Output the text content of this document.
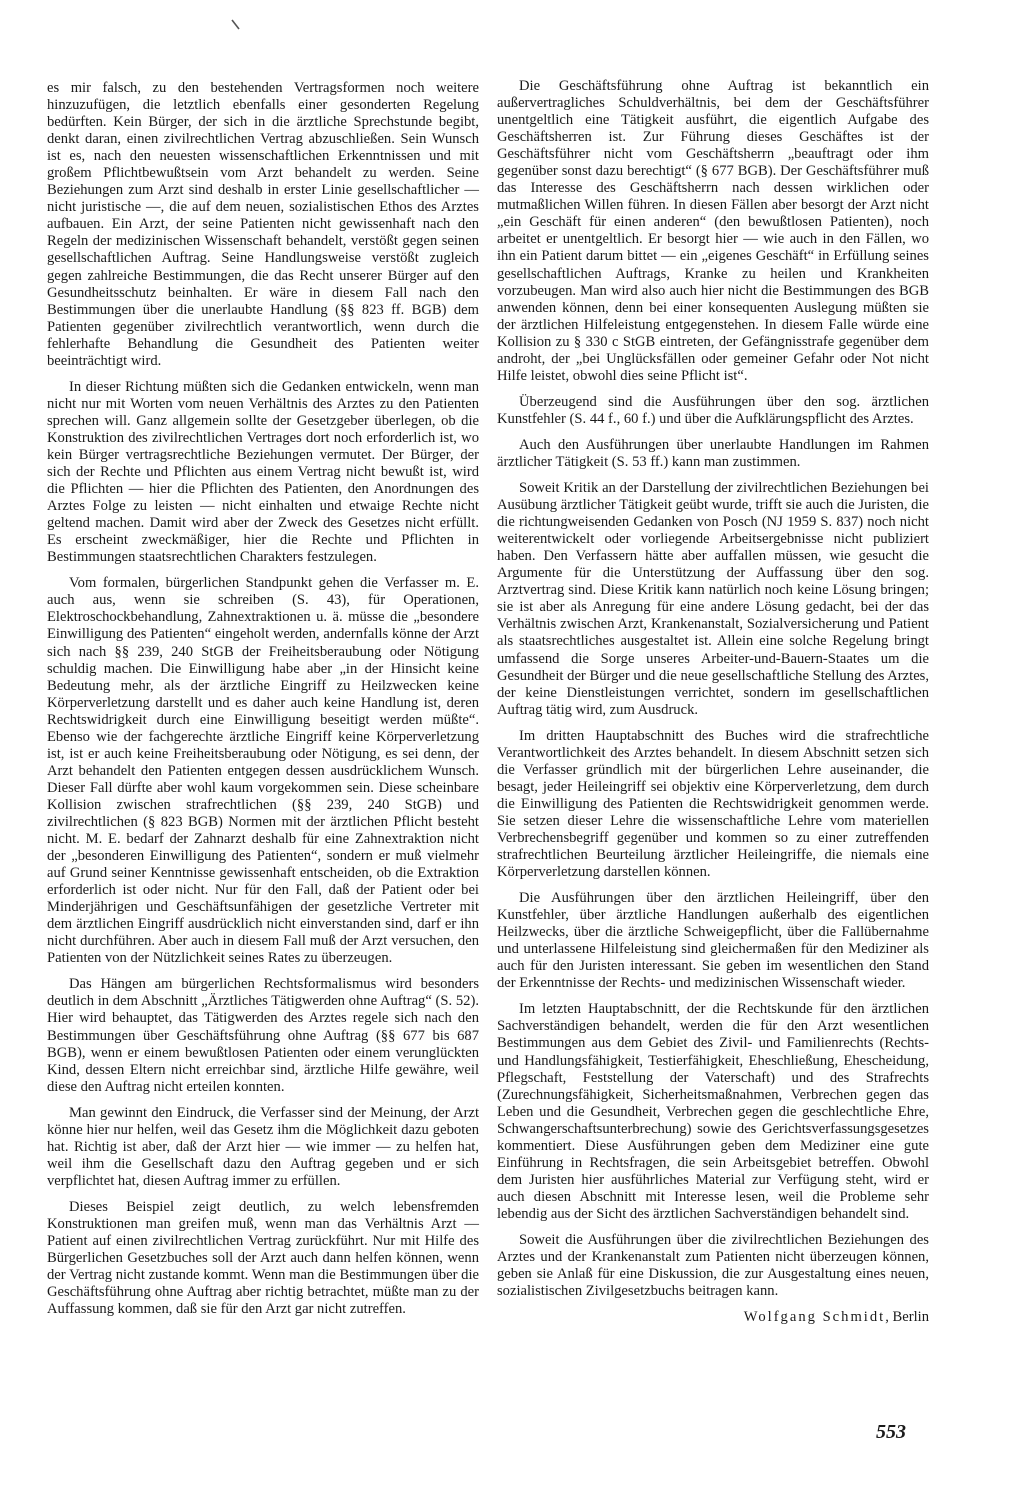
es mir falsch, zu den bestehenden Vertragsformen noch weitere hinzuzufügen, die letztlich ebenfalls einer gesonderten Regelung bedürften. Kein Bürger, der sich in die ärztliche Sprechstunde begibt, denkt daran, einen zivilrechtlichen Vertrag abzuschließen. Sein Wunsch ist es, nach den neuesten wissenschaftlichen Erkenntnissen und mit großem Pflichtbewußtsein vom Arzt behandelt zu werden. Seine Beziehungen zum Arzt sind deshalb in erster Linie gesellschaftlicher — nicht juristische —, die auf dem neuen, sozialistischen Ethos des Arztes aufbauen. Ein Arzt, der seine Patienten nicht gewissenhaft nach den Regeln der medizinischen Wissenschaft behandelt, verstößt gegen seinen gesellschaftlichen Auftrag. Seine Handlungsweise verstößt zugleich gegen zahlreiche Bestimmungen, die das Recht unserer Bürger auf den Gesundheitsschutz beinhalten. Er wäre in diesem Fall nach den Bestimmungen über die unerlaubte Handlung (§§ 823 ff. BGB) dem Patienten gegenüber zivilrechtlich verantwortlich, wenn durch die fehlerhafte Behandlung die Gesundheit des Patienten weiter beeinträchtigt wird.

In dieser Richtung müßten sich die Gedanken entwickeln, wenn man nicht nur mit Worten vom neuen Verhältnis des Arztes zu den Patienten sprechen will. Ganz allgemein sollte der Gesetzgeber überlegen, ob die Konstruktion des zivilrechtlichen Vertrages dort noch erforderlich ist, wo kein Bürger vertragsrechtliche Beziehungen vermutet. Der Bürger, der sich der Rechte und Pflichten aus einem Vertrag nicht bewußt ist, wird die Pflichten — hier die Pflichten des Patienten, den Anordnungen des Arztes Folge zu leisten — nicht einhalten und etwaige Rechte nicht geltend machen. Damit wird aber der Zweck des Gesetzes nicht erfüllt. Es erscheint zweckmäßiger, hier die Rechte und Pflichten in Bestimmungen staatsrechtlichen Charakters festzulegen.

Vom formalen, bürgerlichen Standpunkt gehen die Verfasser m. E. auch aus, wenn sie schreiben (S. 43), für Operationen, Elektroschockbehandlung, Zahnextraktionen u. ä. müsse die „besondere Einwilligung des Patienten“ eingeholt werden, andernfalls könne der Arzt sich nach §§ 239, 240 StGB der Freiheitsberaubung oder Nötigung schuldig machen. Die Einwilligung habe aber „in der Hinsicht keine Bedeutung mehr, als der ärztliche Eingriff zu Heilzwecken keine Körperverletzung darstellt und es daher auch keine Handlung ist, deren Rechtswidrigkeit durch eine Einwilligung beseitigt werden müßte“. Ebenso wie der fachgerechte ärztliche Eingriff keine Körperverletzung ist, ist er auch keine Freiheitsberaubung oder Nötigung, es sei denn, der Arzt behandelt den Patienten entgegen dessen ausdrücklichem Wunsch. Dieser Fall dürfte aber wohl kaum vorgekommen sein. Diese scheinbare Kollision zwischen strafrechtlichen (§§ 239, 240 StGB) und zivilrechtlichen (§ 823 BGB) Normen mit der ärztlichen Pflicht besteht nicht. M. E. bedarf der Zahnarzt deshalb für eine Zahnextraktion nicht der „besonderen Einwilligung des Patienten“, sondern er muß vielmehr auf Grund seiner Kenntnisse gewissenhaft entscheiden, ob die Extraktion erforderlich ist oder nicht. Nur für den Fall, daß der Patient oder bei Minderjährigen und Geschäftsunfähigen der gesetzliche Vertreter mit dem ärztlichen Eingriff ausdrücklich nicht einverstanden sind, darf er ihn nicht durchführen. Aber auch in diesem Fall muß der Arzt versuchen, den Patienten von der Nützlichkeit seines Rates zu überzeugen.

Das Hängen am bürgerlichen Rechtsformalismus wird besonders deutlich in dem Abschnitt „Ärztliches Tätigwerden ohne Auftrag“ (S. 52). Hier wird behauptet, das Tätigwerden des Arztes regele sich nach den Bestimmungen über Geschäftsführung ohne Auftrag (§§ 677 bis 687 BGB), wenn er einem bewußtlosen Patienten oder einem verunglückten Kind, dessen Eltern nicht erreichbar sind, ärztliche Hilfe gewähre, weil diese den Auftrag nicht erteilen konnten.

Man gewinnt den Eindruck, die Verfasser sind der Meinung, der Arzt könne hier nur helfen, weil das Gesetz ihm die Möglichkeit dazu geboten hat. Richtig ist aber, daß der Arzt hier — wie immer — zu helfen hat, weil ihm die Gesellschaft dazu den Auftrag gegeben und er sich verpflichtet hat, diesen Auftrag immer zu erfüllen.

Dieses Beispiel zeigt deutlich, zu welch lebensfremden Konstruktionen man greifen muß, wenn man das Verhältnis Arzt — Patient auf einen zivilrechtlichen Vertrag zurückführt. Nur mit Hilfe des Bürgerlichen Gesetzbuches soll der Arzt auch dann helfen können, wenn der Vertrag nicht zustande kommt. Wenn man die Bestimmungen über die Geschäftsführung ohne Auftrag aber richtig betrachtet, müßte man zu der Auffassung kommen, daß sie für den Arzt gar nicht zutreffen.

Die Geschäftsführung ohne Auftrag ist bekanntlich ein außervertragliches Schuldverhältnis, bei dem der Geschäftsführer unentgeltlich eine Tätigkeit ausführt, die eigentlich Aufgabe des Geschäftsherren ist. Zur Führung dieses Geschäftes ist der Geschäftsführer nicht vom Geschäftsherrn „beauftragt oder ihm gegenüber sonst dazu berechtigt“ (§ 677 BGB). Der Geschäftsführer muß das Interesse des Geschäftsherrn nach dessen wirklichen oder mutmaßlichen Willen führen. In diesen Fällen aber besorgt der Arzt nicht „ein Geschäft für einen anderen“ (den bewußtlosen Patienten), noch arbeitet er unentgeltlich. Er besorgt hier — wie auch in den Fällen, wo ihn ein Patient darum bittet — ein „eigenes Geschäft“ in Erfüllung seines gesellschaftlichen Auftrags, Kranke zu heilen und Krankheiten vorzubeugen. Man wird also auch hier nicht die Bestimmungen des BGB anwenden können, denn bei einer konsequenten Auslegung müßten sie der ärztlichen Hilfeleistung entgegenstehen. In diesem Falle würde eine Kollision zu § 330 c StGB eintreten, der Gefängnisstrafe gegenüber dem androht, der „bei Unglücksfällen oder gemeiner Gefahr oder Not nicht Hilfe leistet, obwohl dies seine Pflicht ist“.

Überzeugend sind die Ausführungen über den sog. ärztlichen Kunstfehler (S. 44 f., 60 f.) und über die Aufklärungspflicht des Arztes.

Auch den Ausführungen über unerlaubte Handlungen im Rahmen ärztlicher Tätigkeit (S. 53 ff.) kann man zustimmen.

Soweit Kritik an der Darstellung der zivilrechtlichen Beziehungen bei Ausübung ärztlicher Tätigkeit geübt wurde, trifft sie auch die Juristen, die die richtungweisenden Gedanken von Posch (NJ 1959 S. 837) noch nicht weiterentwickelt oder vorliegende Arbeitsergebnisse nicht publiziert haben. Den Verfassern hätte aber auffallen müssen, wie gesucht die Argumente für die Unterstützung der Auffassung über den sog. Arztvertrag sind. Diese Kritik kann natürlich noch keine Lösung bringen; sie ist aber als Anregung für eine andere Lösung gedacht, bei der das Verhältnis zwischen Arzt, Krankenanstalt, Sozialversicherung und Patient als staatsrechtliches ausgestaltet ist. Allein eine solche Regelung bringt umfassend die Sorge unseres Arbeiter-und-Bauern-Staates um die Gesundheit der Bürger und die neue gesellschaftliche Stellung des Arztes, der keine Dienstleistungen verrichtet, sondern im gesellschaftlichen Auftrag tätig wird, zum Ausdruck.

Im dritten Hauptabschnitt des Buches wird die strafrechtliche Verantwortlichkeit des Arztes behandelt. In diesem Abschnitt setzen sich die Verfasser gründlich mit der bürgerlichen Lehre auseinander, die besagt, jeder Heileingriff sei objektiv eine Körperverletzung, dem durch die Einwilligung des Patienten die Rechtswidrigkeit genommen werde. Sie setzen dieser Lehre die wissenschaftliche Lehre vom materiellen Verbrechensbegriff gegenüber und kommen so zu einer zutreffenden strafrechtlichen Beurteilung ärztlicher Heileingriffe, die niemals eine Körperverletzung darstellen können.

Die Ausführungen über den ärztlichen Heileingriff, über den Kunstfehler, über ärztliche Handlungen außerhalb des eigentlichen Heilzwecks, über die ärztliche Schweigepflicht, über die Fallübernahme und unterlassene Hilfeleistung sind gleichermaßen für den Mediziner als auch für den Juristen interessant. Sie geben im wesentlichen den Stand der Erkenntnisse der Rechts- und medizinischen Wissenschaft wieder.

Im letzten Hauptabschnitt, der die Rechtskunde für den ärztlichen Sachverständigen behandelt, werden die für den Arzt wesentlichen Bestimmungen aus dem Gebiet des Zivil- und Familienrechts (Rechts- und Handlungsfähigkeit, Testierfähigkeit, Eheschließung, Ehescheidung, Pflegschaft, Feststellung der Vaterschaft) und des Strafrechts (Zurechnungsfähigkeit, Sicherheitsmaßnahmen, Verbrechen gegen das Leben und die Gesundheit, Verbrechen gegen die geschlechtliche Ehre, Schwangerschaftsunterbrechung) sowie des Gerichtsverfassungsgesetzes kommentiert. Diese Ausführungen geben dem Mediziner eine gute Einführung in Rechtsfragen, die sein Arbeitsgebiet betreffen. Obwohl dem Juristen hier ausführliches Material zur Verfügung steht, wird er auch diesen Abschnitt mit Interesse lesen, weil die Probleme sehr lebendig aus der Sicht des ärztlichen Sachverständigen behandelt sind.

Soweit die Ausführungen über die zivilrechtlichen Beziehungen des Arztes und der Krankenanstalt zum Patienten nicht überzeugen können, geben sie Anlaß für eine Diskussion, die zur Ausgestaltung eines neuen, sozialistischen Zivilgesetzbuchs beitragen kann.

Wolfgang Schmidt, Berlin

553
